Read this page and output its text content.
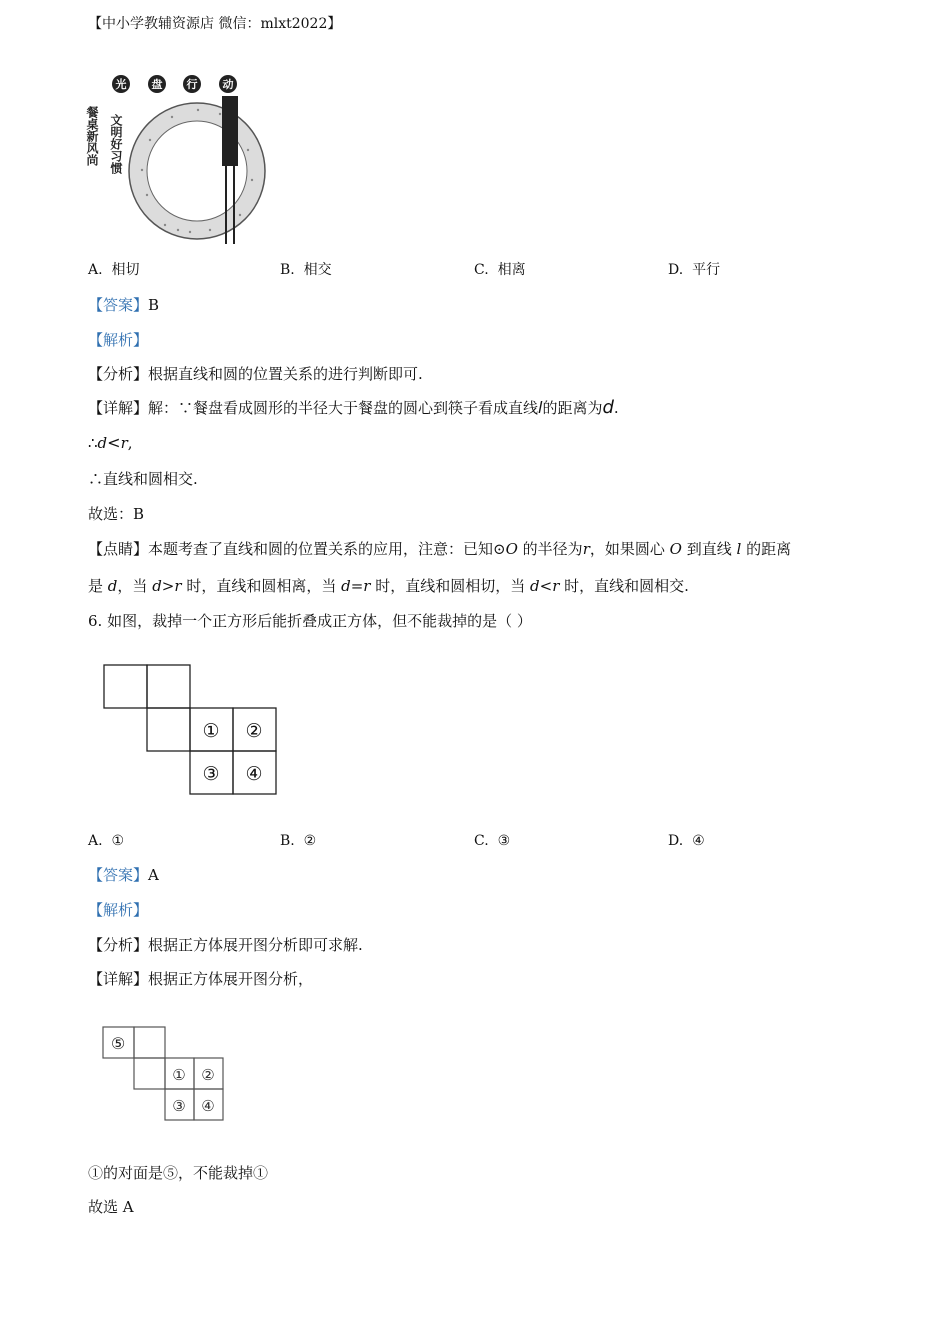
【中小学教辅资源店 微信：mlxt2022】
光 盘 行 动
餐桌新风尚 文明好习惯
A. 相切	B. 相交	C. 相离	D. 平行
【答案】B
【解析】
【分析】根据直线和圆的位置关系的进行判断即可.
【详解】解：∵餐盘看成圆形的半径大于餐盘的圆心到筷子看成直线l的距离为d.
∴d<r,
∴直线和圆相交.
故选：B
【点睛】本题考查了直线和圆的位置关系的应用，注意：已知⊙O 的半径为r，如果圆心 O 到直线 l 的距离
是 d，当 d>r 时，直线和圆相离，当 d=r 时，直线和圆相切，当 d<r 时，直线和圆相交.
6. 如图，裁掉一个正方形后能折叠成正方体，但不能裁掉的是（ ）
① ②
③ ④
A. ①	B. ②	C. ③	D. ④
【答案】A
【解析】
【分析】根据正方体展开图分析即可求解.
【详解】根据正方体展开图分析，
⑤
① ②
③ ④
①的对面是⑤，不能裁掉①
故选 A
